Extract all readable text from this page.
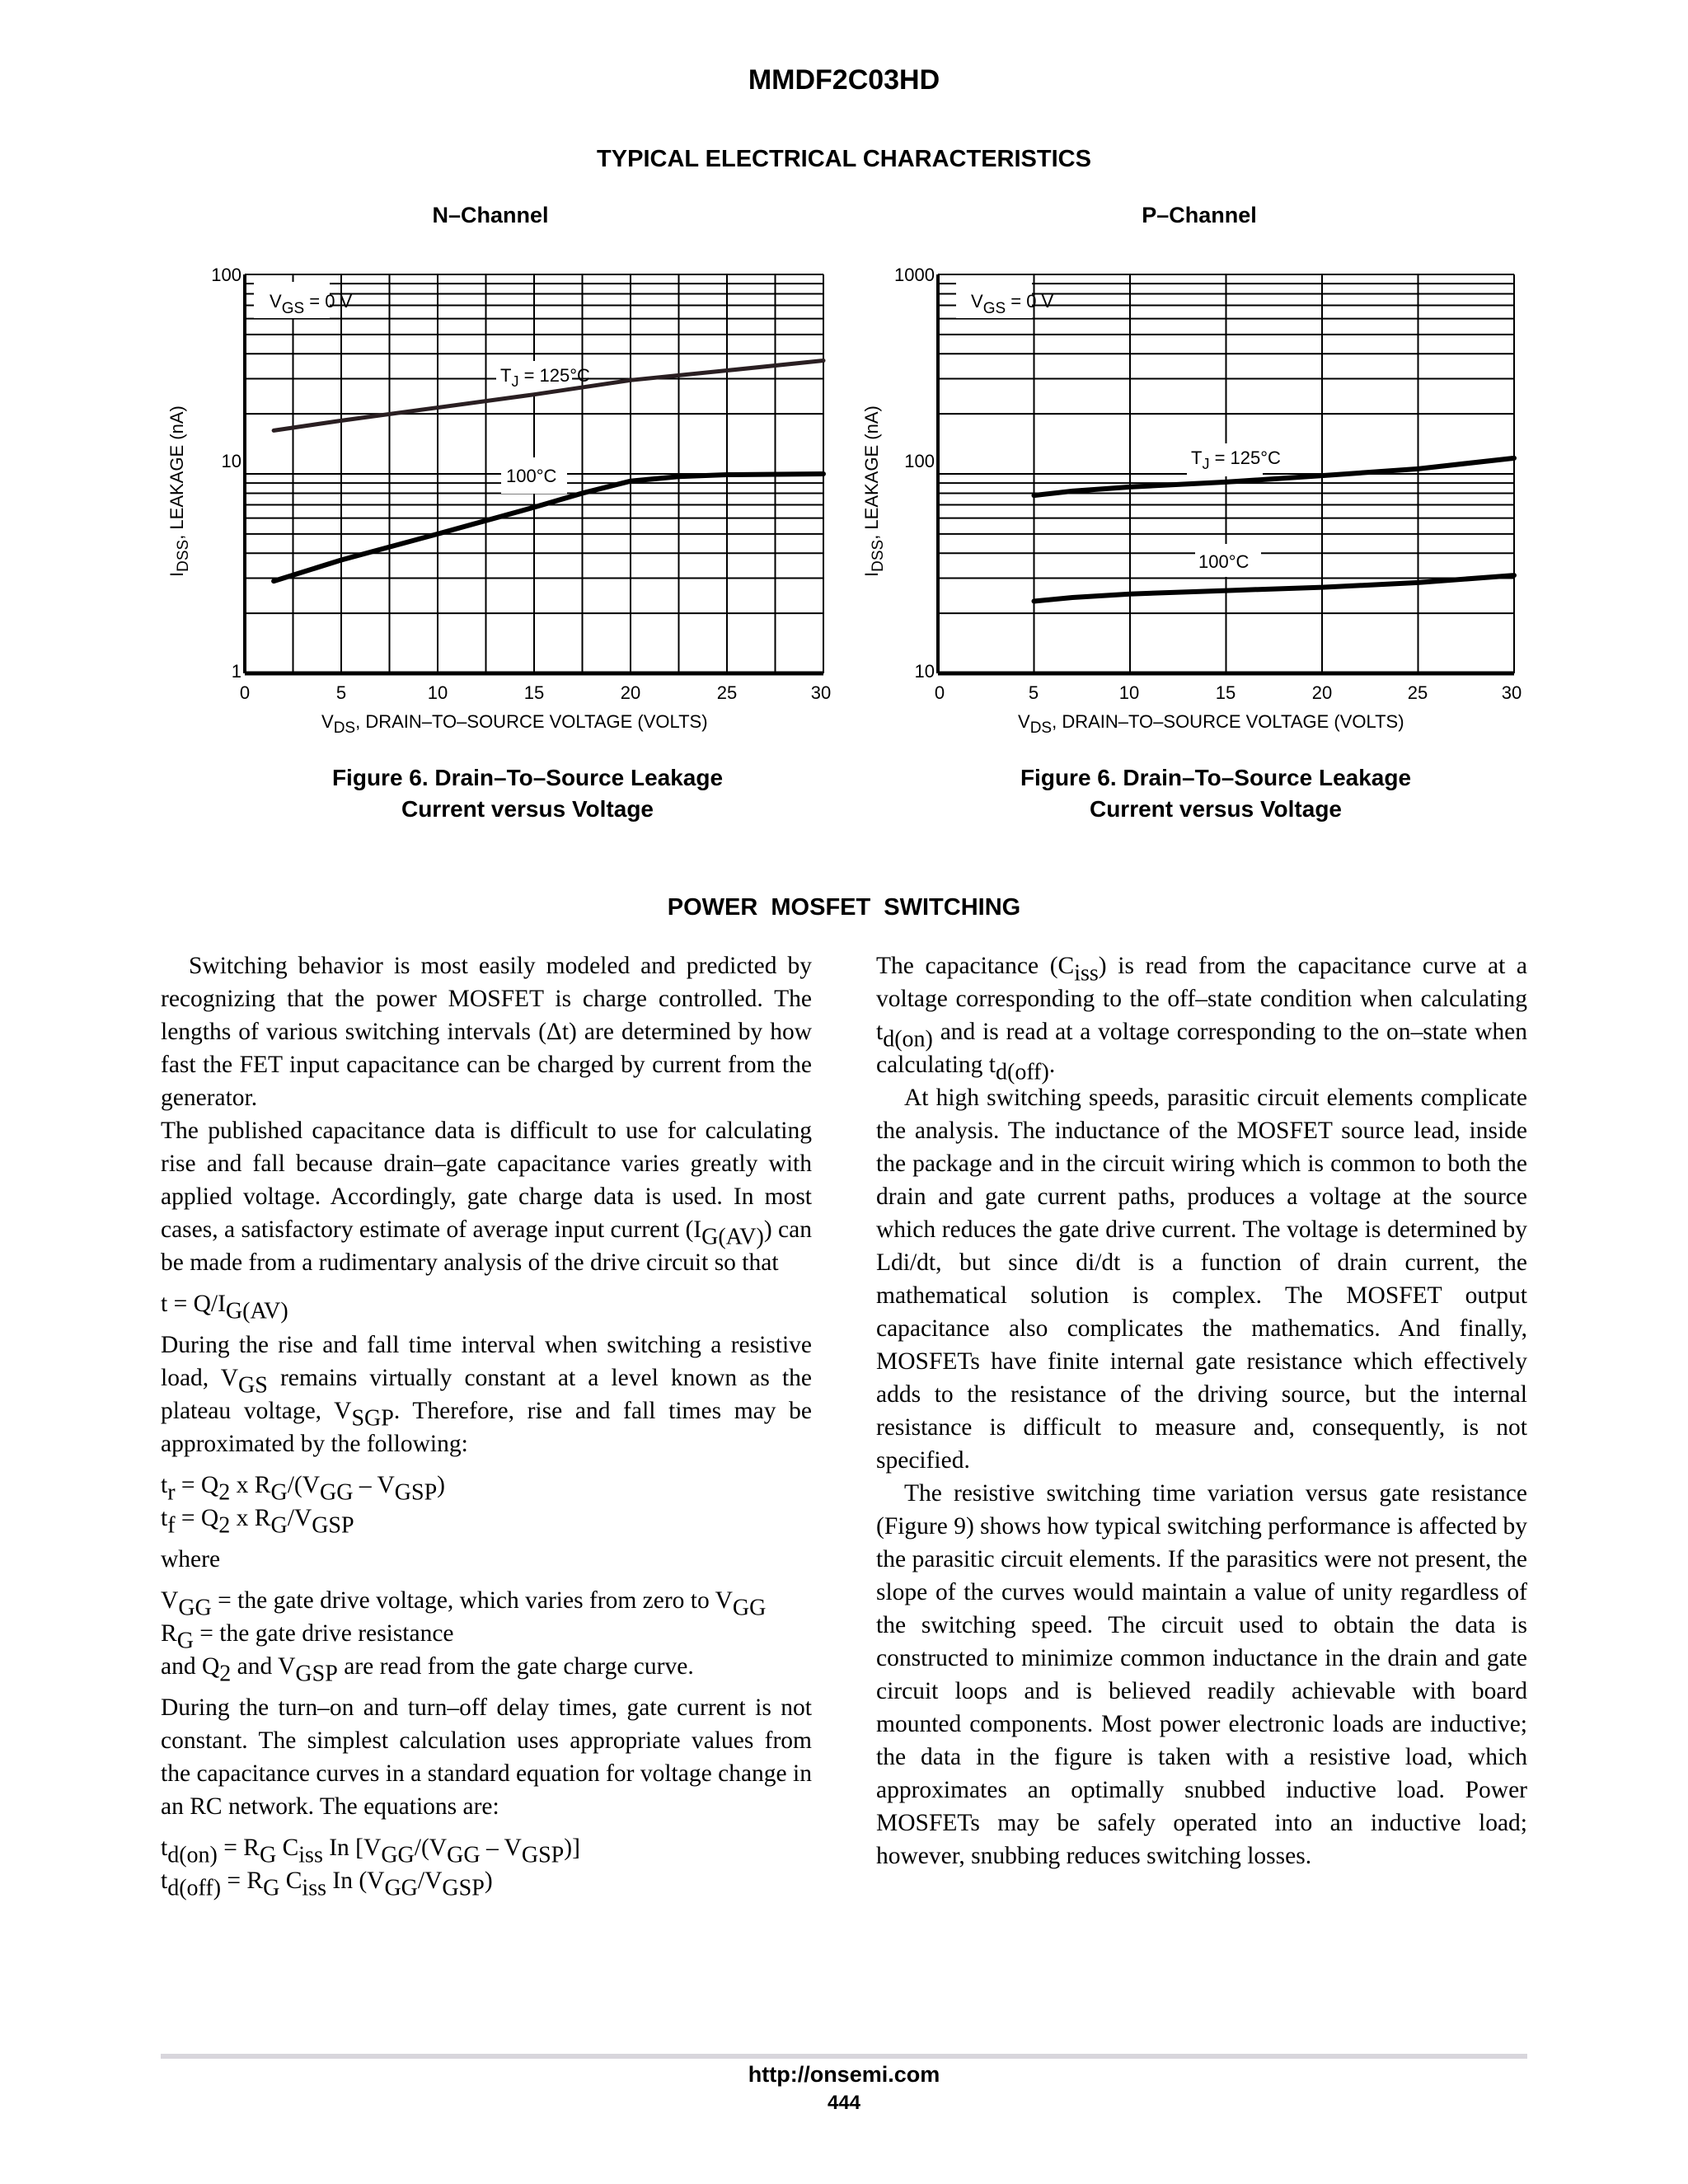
MMDF2C03HD
TYPICAL ELECTRICAL CHARACTERISTICS
N–Channel	P–Channel
100
10
1
0	5	10	15	20	25	30
VGS = 0 V
$T_J = 125^\circ C$
100°C
VDS, DRAIN–TO–SOURCE VOLTAGE (VOLTS)
IDSS, LEAKAGE (nA)
1000
100
10
0	5	10	15	20	25	30
VGS = 0 V
$T_J = 125^\circ C$
100°C
VDS, DRAIN–TO–SOURCE VOLTAGE (VOLTS)
IDSS, LEAKAGE (nA)
Figure 6. Drain–To–Source Leakage
Current versus Voltage
Figure 6. Drain–To–Source Leakage
Current versus Voltage
POWER MOSFET SWITCHING

Switching behavior is most easily modeled and predicted by recognizing that the power MOSFET is charge controlled. The lengths of various switching intervals (Δt) are determined by how fast the FET input capacitance can be charged by current from the generator.

The published capacitance data is difficult to use for calculating rise and fall because drain–gate capacitance varies greatly with applied voltage. Accordingly, gate charge data is used. In most cases, a satisfactory estimate of average input current $(I_{G(AV)})$ can be made from a rudimentary analysis of the drive circuit so that

$t = Q/I_{G(AV)}$

During the rise and fall time interval when switching a resistive load, $V_{GS}$ remains virtually constant at a level known as the plateau voltage, $V_{SGP}$. Therefore, rise and fall times may be approximated by the following:

$t_r = Q_2$ x $R_G/(V_{GG} - V_{GSP})$

$t_f = Q_2$ x $R_G/V_{GSP}$

where

$V_{GG}$ = the gate drive voltage, which varies from zero to $V_{GG}$

$R_G$ = the gate drive resistance

and $Q_2$ and $V_{GSP}$ are read from the gate charge curve.

During the turn–on and turn–off delay times, gate current is not constant. The simplest calculation uses appropriate values from the capacitance curves in a standard equation for voltage change in an RC network. The equations are:

$t_{d(on)} = R_G$ $C_{iss}$ In $[V_{GG}/(V_{GG} - V_{GSP})]$

$t_{d(off)} = R_G$ $C_{iss}$ In $(V_{GG}/V_{GSP})$

The capacitance $(C_{iss})$ is read from the capacitance curve at a voltage corresponding to the off–state condition when calculating $t_{d(on)}$ and is read at a voltage corresponding to the on–state when calculating $t_{d(off)}$.

At high switching speeds, parasitic circuit elements complicate the analysis. The inductance of the MOSFET source lead, inside the package and in the circuit wiring which is common to both the drain and gate current paths, produces a voltage at the source which reduces the gate drive current. The voltage is determined by Ldi/dt, but since di/dt is a function of drain current, the mathematical solution is complex. The MOSFET output capacitance also complicates the mathematics. And finally, MOSFETs have finite internal gate resistance which effectively adds to the resistance of the driving source, but the internal resistance is difficult to measure and, consequently, is not specified.

The resistive switching time variation versus gate resistance (Figure 9) shows how typical switching performance is affected by the parasitic circuit elements. If the parasitics were not present, the slope of the curves would maintain a value of unity regardless of the switching speed. The circuit used to obtain the data is constructed to minimize common inductance in the drain and gate circuit loops and is believed readily achievable with board mounted components. Most power electronic loads are inductive; the data in the figure is taken with a resistive load, which approximates an optimally snubbed inductive load. Power MOSFETs may be safely operated into an inductive load; however, snubbing reduces switching losses.

http://onsemi.com
444
